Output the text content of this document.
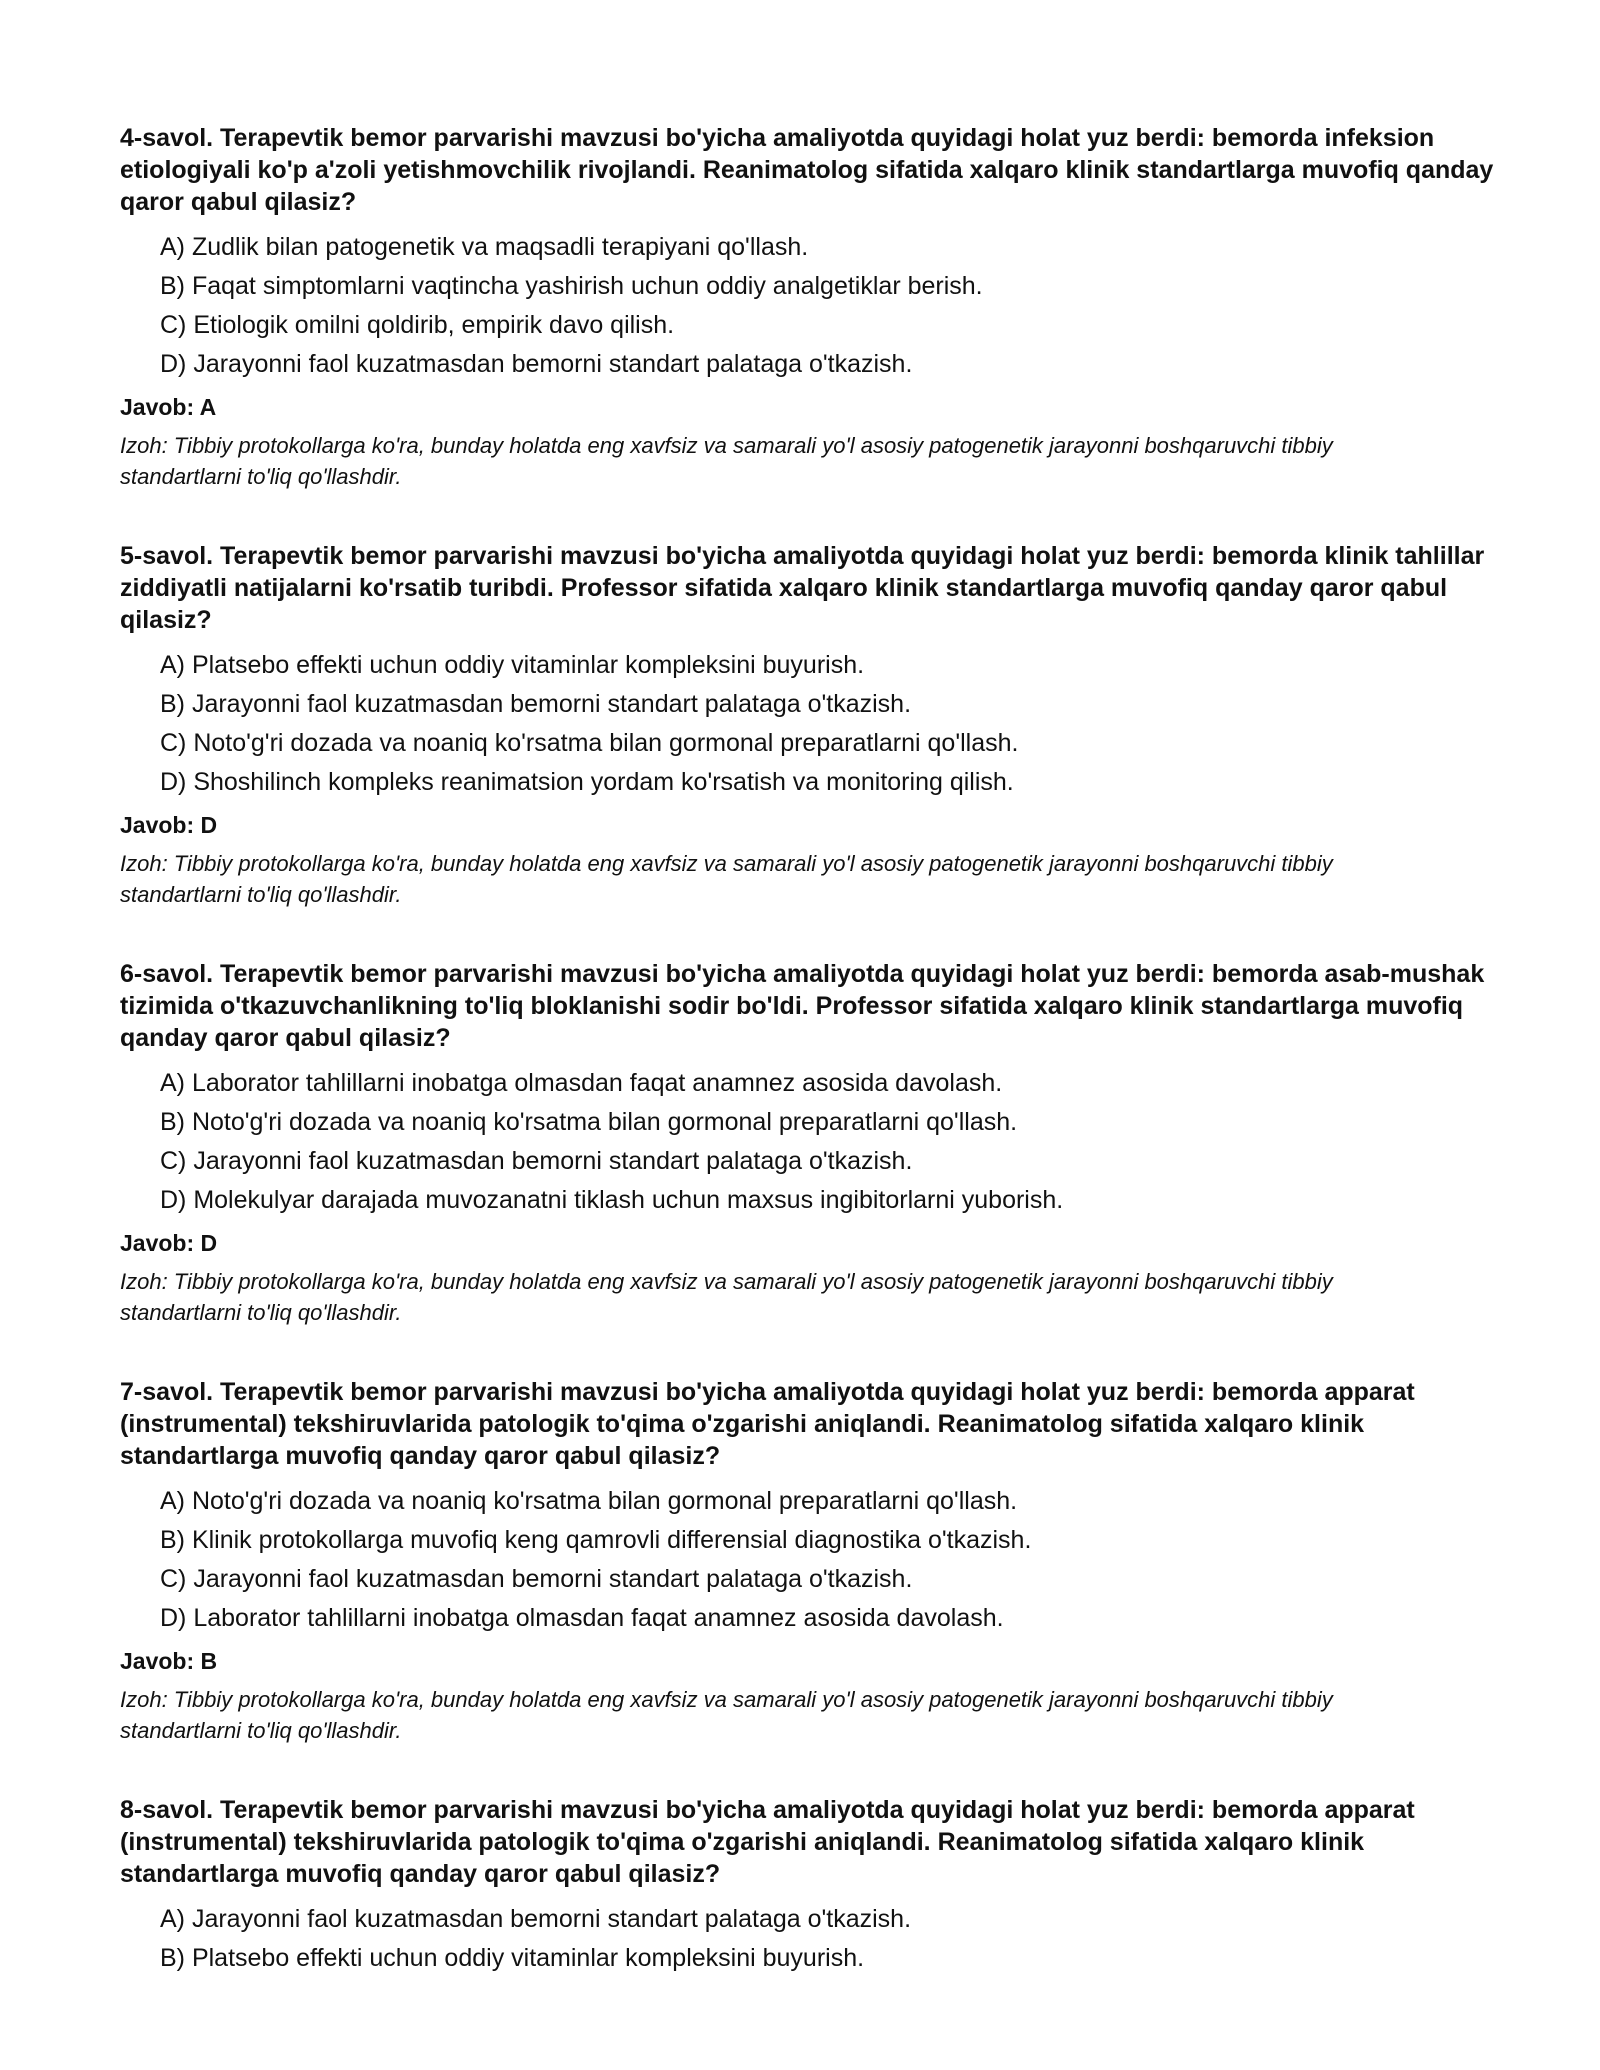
4-savol. Terapevtik bemor parvarishi mavzusi bo'yicha amaliyotda quyidagi holat yuz berdi: bemorda infeksion etiologiyali ko'p a'zoli yetishmovchilik rivojlandi. Reanimatolog sifatida xalqaro klinik standartlarga muvofiq qanday qaror qabul qilasiz?
A) Zudlik bilan patogenetik va maqsadli terapiyani qo'llash.
B) Faqat simptomlarni vaqtincha yashirish uchun oddiy analgetiklar berish.
C) Etiologik omilni qoldirib, empirik davo qilish.
D) Jarayonni faol kuzatmasdan bemorni standart palataga o'tkazish.
Javob: A
Izoh: Tibbiy protokollarga ko'ra, bunday holatda eng xavfsiz va samarali yo'l asosiy patogenetik jarayonni boshqaruvchi tibbiy standartlarni to'liq qo'llashdir.
5-savol. Terapevtik bemor parvarishi mavzusi bo'yicha amaliyotda quyidagi holat yuz berdi: bemorda klinik tahlillar ziddiyatli natijalarni ko'rsatib turibdi. Professor sifatida xalqaro klinik standartlarga muvofiq qanday qaror qabul qilasiz?
A) Platsebo effekti uchun oddiy vitaminlar kompleksini buyurish.
B) Jarayonni faol kuzatmasdan bemorni standart palataga o'tkazish.
C) Noto'g'ri dozada va noaniq ko'rsatma bilan gormonal preparatlarni qo'llash.
D) Shoshilinch kompleks reanimatsion yordam ko'rsatish va monitoring qilish.
Javob: D
Izoh: Tibbiy protokollarga ko'ra, bunday holatda eng xavfsiz va samarali yo'l asosiy patogenetik jarayonni boshqaruvchi tibbiy standartlarni to'liq qo'llashdir.
6-savol. Terapevtik bemor parvarishi mavzusi bo'yicha amaliyotda quyidagi holat yuz berdi: bemorda asab-mushak tizimida o'tkazuvchanlikning to'liq bloklanishi sodir bo'ldi. Professor sifatida xalqaro klinik standartlarga muvofiq qanday qaror qabul qilasiz?
A) Laborator tahlillarni inobatga olmasdan faqat anamnez asosida davolash.
B) Noto'g'ri dozada va noaniq ko'rsatma bilan gormonal preparatlarni qo'llash.
C) Jarayonni faol kuzatmasdan bemorni standart palataga o'tkazish.
D) Molekulyar darajada muvozanatni tiklash uchun maxsus ingibitorlarni yuborish.
Javob: D
Izoh: Tibbiy protokollarga ko'ra, bunday holatda eng xavfsiz va samarali yo'l asosiy patogenetik jarayonni boshqaruvchi tibbiy standartlarni to'liq qo'llashdir.
7-savol. Terapevtik bemor parvarishi mavzusi bo'yicha amaliyotda quyidagi holat yuz berdi: bemorda apparat (instrumental) tekshiruvlarida patologik to'qima o'zgarishi aniqlandi. Reanimatolog sifatida xalqaro klinik standartlarga muvofiq qanday qaror qabul qilasiz?
A) Noto'g'ri dozada va noaniq ko'rsatma bilan gormonal preparatlarni qo'llash.
B) Klinik protokollarga muvofiq keng qamrovli differensial diagnostika o'tkazish.
C) Jarayonni faol kuzatmasdan bemorni standart palataga o'tkazish.
D) Laborator tahlillarni inobatga olmasdan faqat anamnez asosida davolash.
Javob: B
Izoh: Tibbiy protokollarga ko'ra, bunday holatda eng xavfsiz va samarali yo'l asosiy patogenetik jarayonni boshqaruvchi tibbiy standartlarni to'liq qo'llashdir.
8-savol. Terapevtik bemor parvarishi mavzusi bo'yicha amaliyotda quyidagi holat yuz berdi: bemorda apparat (instrumental) tekshiruvlarida patologik to'qima o'zgarishi aniqlandi. Reanimatolog sifatida xalqaro klinik standartlarga muvofiq qanday qaror qabul qilasiz?
A) Jarayonni faol kuzatmasdan bemorni standart palataga o'tkazish.
B) Platsebo effekti uchun oddiy vitaminlar kompleksini buyurish.
